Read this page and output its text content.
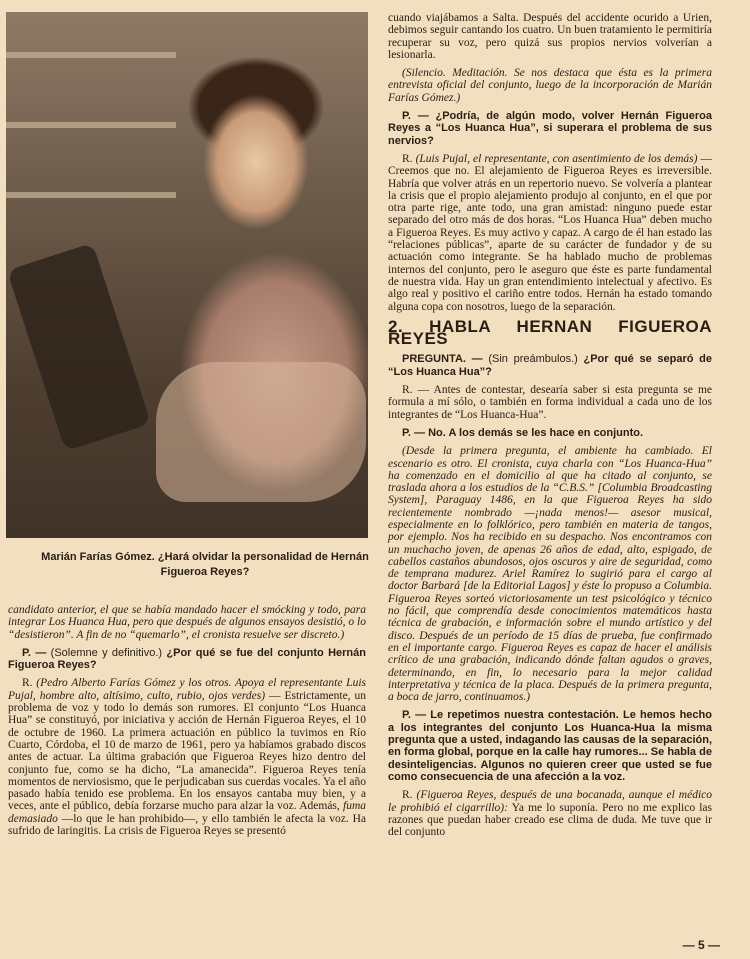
Marián Farías Gómez. ¿Hará olvidar la personalidad de Hernán Figueroa Reyes?

candidato anterior, el que se había mandado hacer el smócking y todo, para integrar Los Huanca Hua, pero que después de algunos ensayos desistió, o lo “desistieron”. A fin de no “quemarlo”, el cronista resuelve ser discreto.)

P. — (Solemne y definitivo.) ¿Por qué se fue del conjunto Hernán Figueroa Reyes?

R. (Pedro Alberto Farías Gómez y los otros. Apoya el representante Luis Pujal, hombre alto, altísimo, culto, rubio, ojos verdes) — Estrictamente, un problema de voz y todo lo demás son rumores. El conjunto “Los Huanca Hua” se constituyó, por iniciativa y acción de Hernán Figueroa Reyes, el 10 de octubre de 1960. La primera actuación en público la tuvimos en Río Cuarto, Córdoba, el 10 de marzo de 1961, pero ya habíamos grabado discos antes de actuar. La última grabación que Figueroa Reyes hizo dentro del conjunto fue, como se ha dicho, “La amanecida”. Figueroa Reyes tenía momentos de nerviosismo, que le perjudicaban sus cuerdas vocales. Ya el año pasado había tenido ese problema. En los ensayos cantaba muy bien, y a veces, ante el público, debía forzarse mucho para alzar la voz. Además, fuma demasiado —lo que le han prohibido—, y ello también le afecta la voz. Ha sufrido de laringitis. La crisis de Figueroa Reyes se presentó

cuando viajábamos a Salta. Después del accidente ocurido a Urien, debimos seguir cantando los cuatro. Un buen tratamiento le permitiría recuperar su voz, pero quizá sus propios nervios volverían a lesionarla.

(Silencio. Meditación. Se nos destaca que ésta es la primera entrevista oficial del conjunto, luego de la incorporación de Marián Farías Gómez.)

P. — ¿Podría, de algún modo, volver Hernán Figueroa Reyes a “Los Huanca Hua”, si superara el problema de sus nervios?

R. (Luis Pujal, el representante, con asentimiento de los demás) —Creemos que no. El alejamiento de Figueroa Reyes es irreversible. Habría que volver atrás en un repertorio nuevo. Se volvería a plantear la crisis que el propio alejamiento produjo al conjunto, en el que por otra parte rige, ante todo, una gran amistad: ninguno puede estar separado del otro más de dos horas. “Los Huanca Hua” deben mucho a Figueroa Reyes. Es muy activo y capaz. A cargo de él han estado las “relaciones públicas”, aparte de su carácter de fundador y de su actuación como integrante. Se ha hablado mucho de problemas internos del conjunto, pero le aseguro que éste es parte fundamental de nuestra vida. Hay un gran entendimiento intelectual y afectivo. Es algo real y positivo el cariño entre todos. Hernán ha estado tomando alguna copa con nosotros, luego de la separación.

2. HABLA HERNAN FIGUEROA REYES

PREGUNTA. — (Sin preámbulos.) ¿Por qué se separó de “Los Huanca Hua”?

R. — Antes de contestar, desearía saber si esta pregunta se me formula a mí sólo, o también en forma individual a cada uno de los integrantes de “Los Huanca-Hua”.

P. — No. A los demás se les hace en conjunto.

(Desde la primera pregunta, el ambiente ha cambiado. El escenario es otro. El cronista, cuya charla con “Los Huanca-Hua” ha comenzado en el domicilio al que ha citado al conjunto, se traslada ahora a los estudios de la “C.B.S.” [Columbia Broadcasting System], Paraguay 1486, en la que Figueroa Reyes ha sido recientemente nombrado —¡nada menos!— asesor musical, especialmente en lo folklórico, pero también en materia de tangos, por ejemplo. Nos ha recibido en su despacho. Nos encontramos con un muchacho joven, de apenas 26 años de edad, alto, espigado, de cabellos castaños abundosos, ojos oscuros y aire de seguridad, como de temprana madurez. Ariel Ramírez lo sugirió para el cargo al doctor Barbará [de la Editorial Lagos] y éste lo propuso a Columbia. Figueroa Reyes sorteó victoriosamente un test psicológico y técnico no fácil, que comprendía desde conocimientos matemáticos hasta técnica de grabación, e información sobre el mundo artístico y del disco. Después de un período de 15 días de prueba, fue confirmado en el importante cargo. Figueroa Reyes es capaz de hacer el análisis crítico de una grabación, indicando dónde faltan agudos o graves, determinando, en fin, lo necesario para la mejor calidad interpretativa y técnica de la placa. Después de la primera pregunta, a boca de jarro, continuamos.)

P. — Le repetimos nuestra contestación. Le hemos hecho a los integrantes del conjunto Los Huanca-Hua la misma pregunta que a usted, indagando las causas de la separación, en forma global, porque en la calle hay rumores... Se habla de desinteligencias. Algunos no quieren creer que usted se fue como consecuencia de una afección a la voz.

R. (Figueroa Reyes, después de una bocanada, aunque el médico le prohibió el cigarrillo): Ya me lo suponía. Pero no me explico las razones que puedan haber creado ese clima de duda. Me tuve que ir del conjunto

— 5 —
